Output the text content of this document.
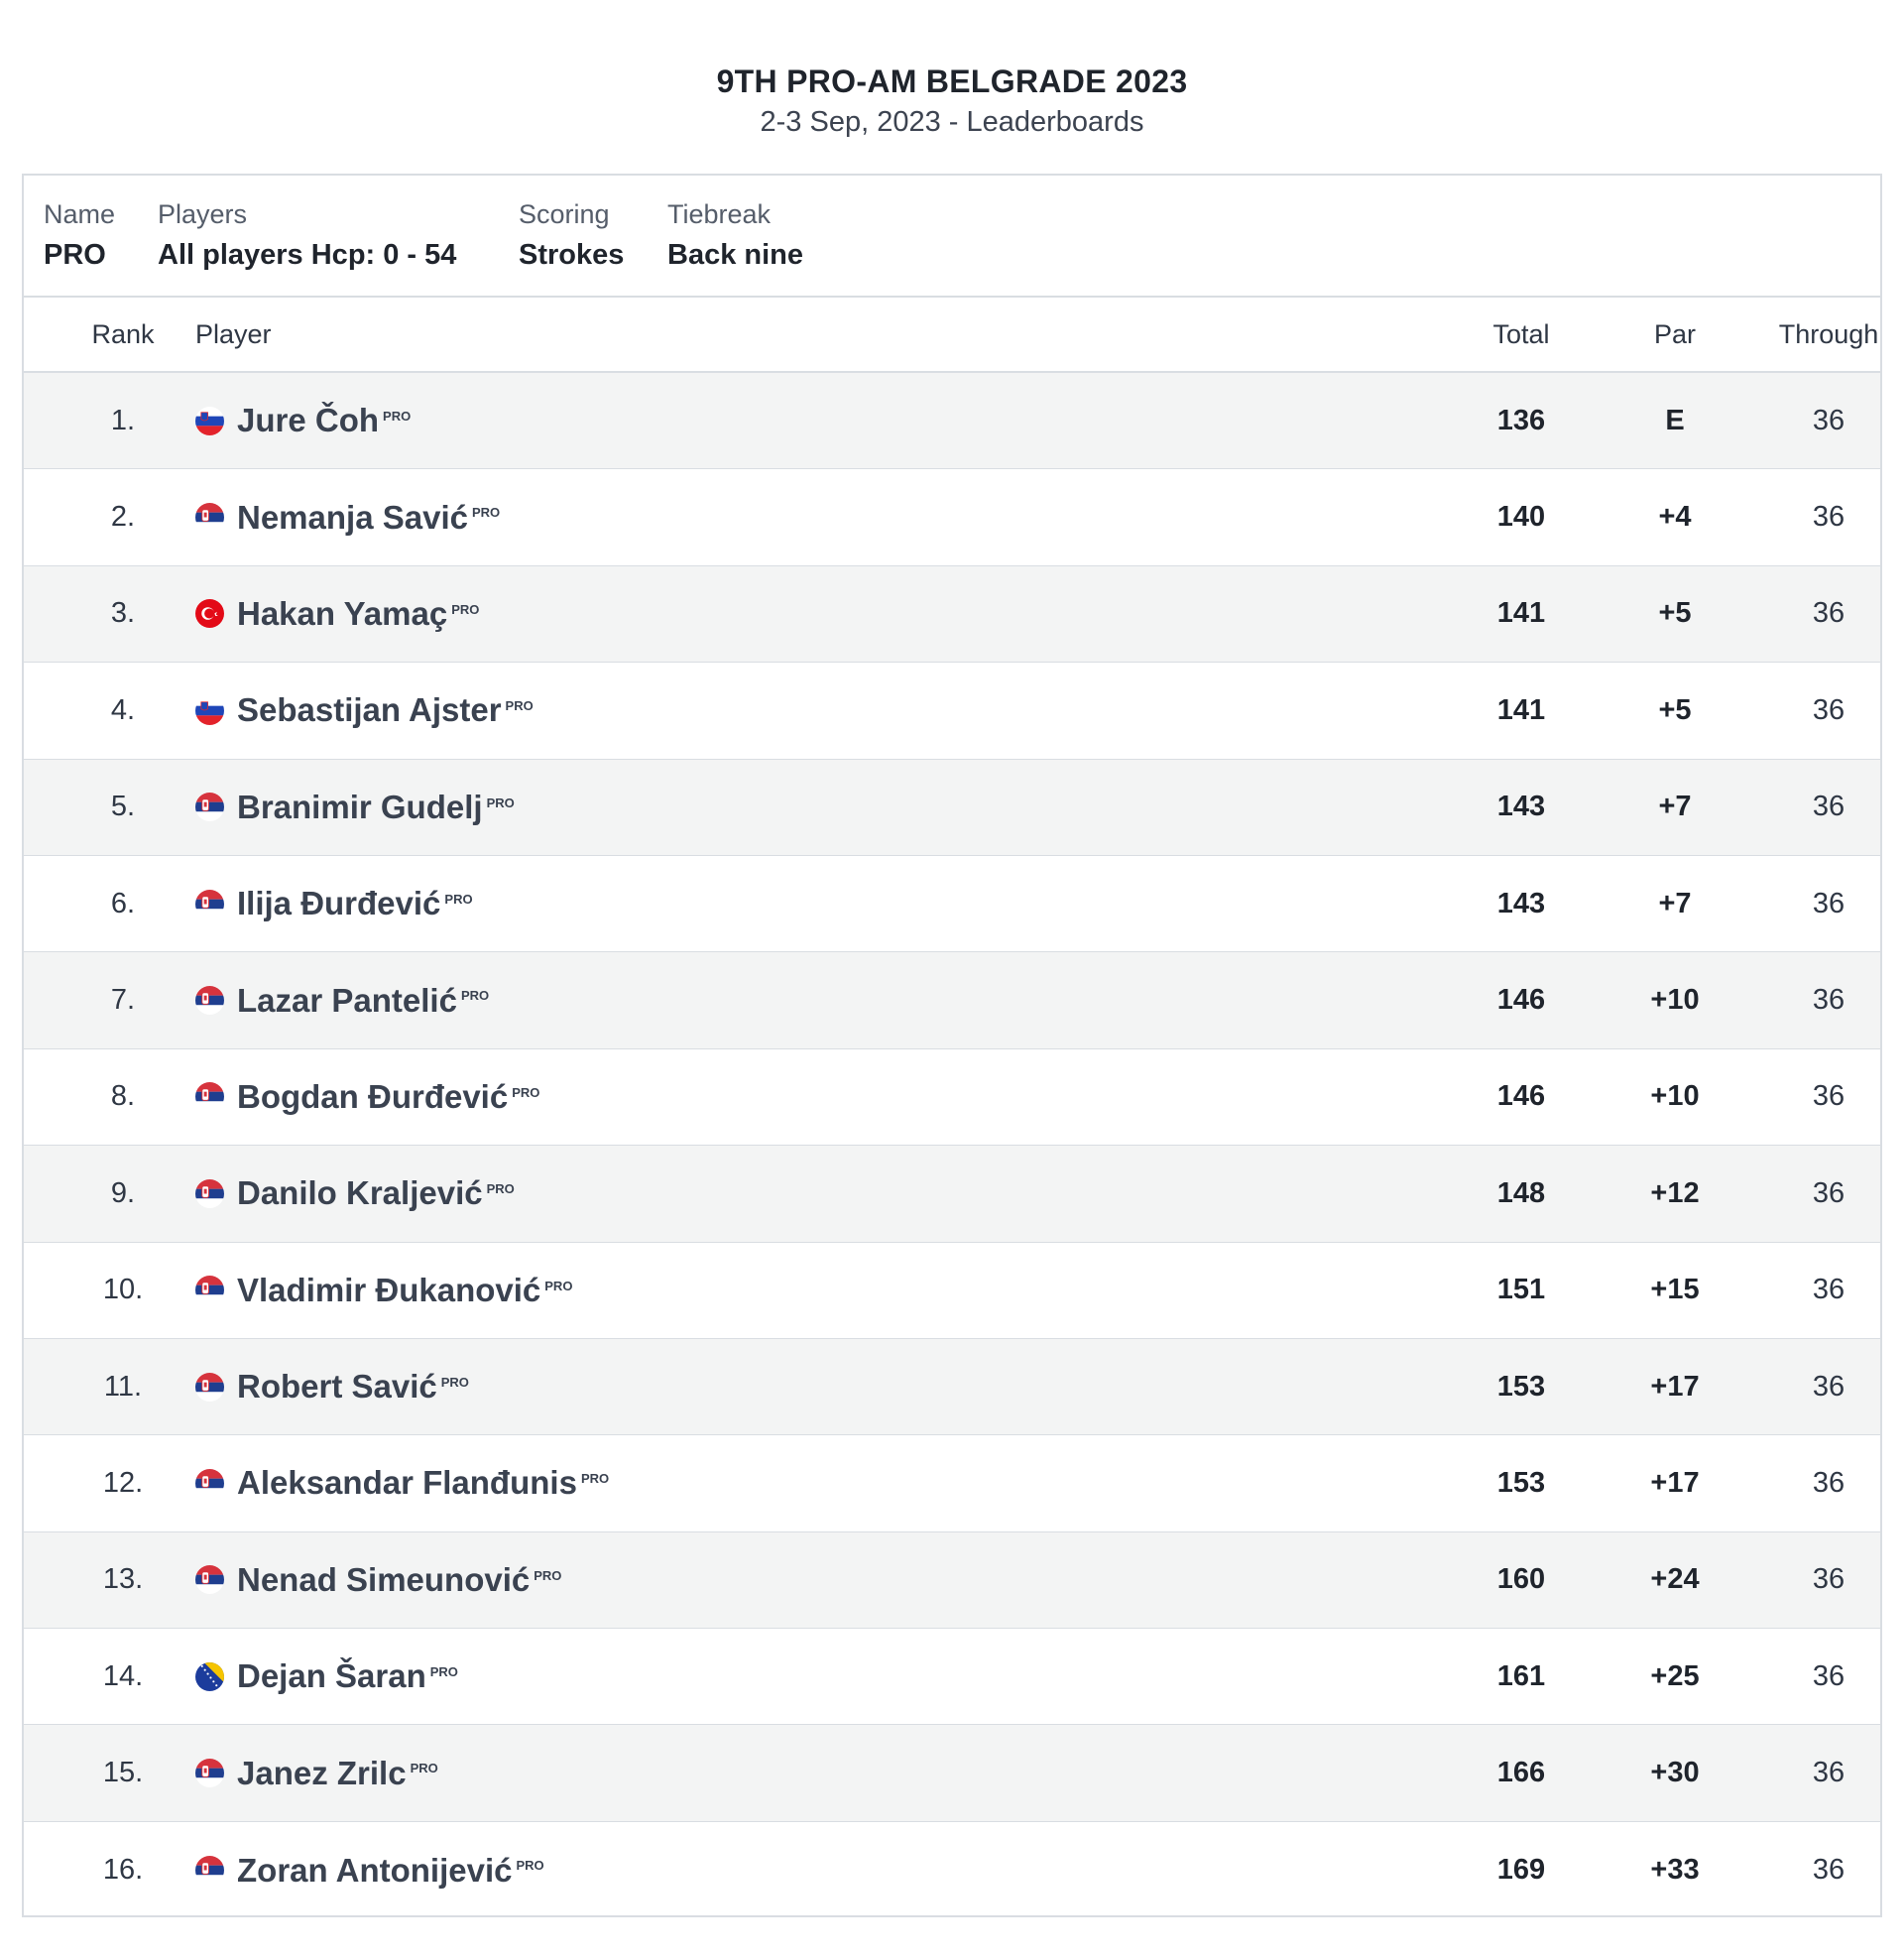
9TH PRO-AM BELGRADE 2023
2-3 Sep, 2023 - Leaderboards
Name
PRO
Players
All players Hcp: 0 - 54
Scoring
Strokes
Tiebreak
Back nine
Rank	Player	Total	Par	Through
1.	Jure Čoh PRO	136	E	36
2.	Nemanja Savić PRO	140	+4	36
3.	Hakan Yamaç PRO	141	+5	36
4.	Sebastijan Ajster PRO	141	+5	36
5.	Branimir Gudelj PRO	143	+7	36
6.	Ilija Đurđević PRO	143	+7	36
7.	Lazar Pantelić PRO	146	+10	36
8.	Bogdan Đurđević PRO	146	+10	36
9.	Danilo Kraljević PRO	148	+12	36
10.	Vladimir Đukanović PRO	151	+15	36
11.	Robert Savić PRO	153	+17	36
12.	Aleksandar Flanđunis PRO	153	+17	36
13.	Nenad Simeunović PRO	160	+24	36
14.	Dejan Šaran PRO	161	+25	36
15.	Janez Zrilc PRO	166	+30	36
16.	Zoran Antonijević PRO	169	+33	36
